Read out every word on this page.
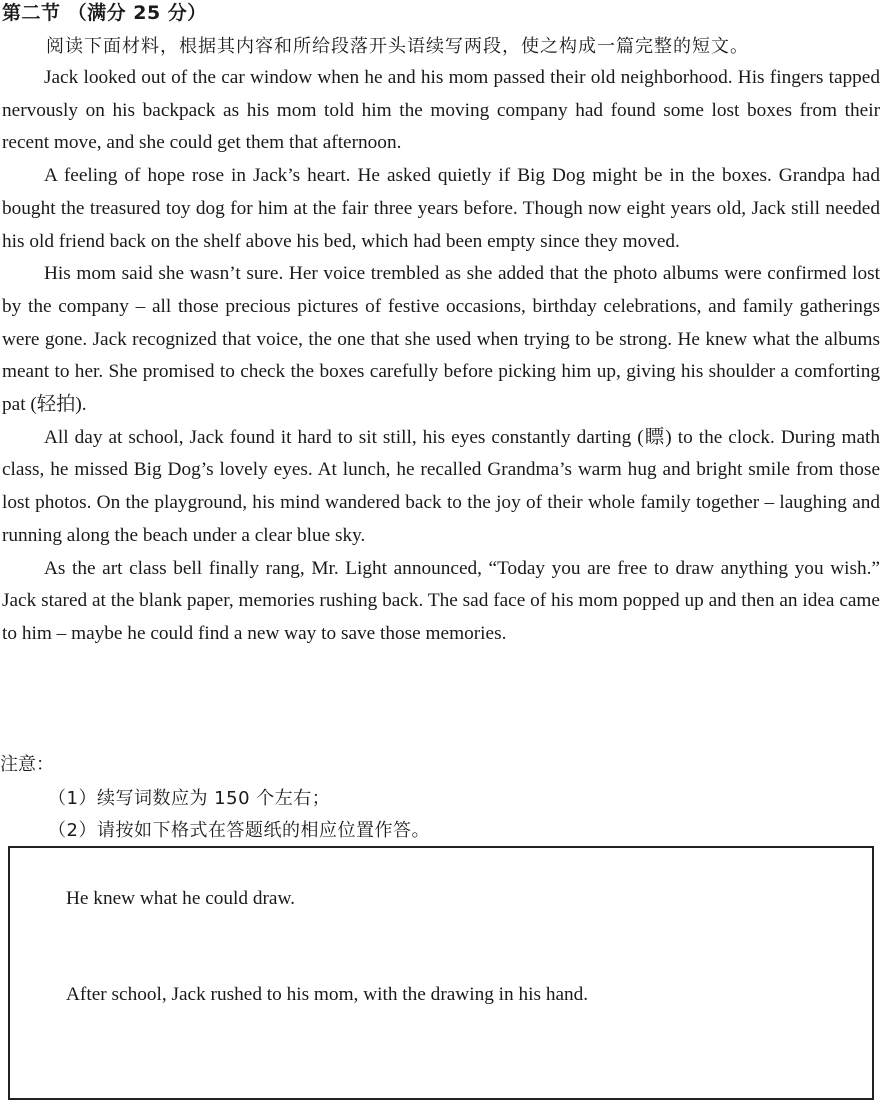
第二节 （满分 25 分）
阅读下面材料，根据其内容和所给段落开头语续写两段，使之构成一篇完整的短文。

Jack looked out of the car window when he and his mom passed their old neighborhood. His fingers tapped nervously on his backpack as his mom told him the moving company had found some lost boxes from their recent move, and she could get them that afternoon.

A feeling of hope rose in Jack’s heart. He asked quietly if Big Dog might be in the boxes. Grandpa had bought the treasured toy dog for him at the fair three years before. Though now eight years old, Jack still needed his old friend back on the shelf above his bed, which had been empty since they moved.

His mom said she wasn’t sure. Her voice trembled as she added that the photo albums were confirmed lost by the company – all those precious pictures of festive occasions, birthday celebrations, and family gatherings were gone. Jack recognized that voice, the one that she used when trying to be strong. He knew what the albums meant to her. She promised to check the boxes carefully before picking him up, giving his shoulder a comforting pat (轻拍).

All day at school, Jack found it hard to sit still, his eyes constantly darting (瞟) to the clock. During math class, he missed Big Dog’s lovely eyes. At lunch, he recalled Grandma’s warm hug and bright smile from those lost photos. On the playground, his mind wandered back to the joy of their whole family together – laughing and running along the beach under a clear blue sky.

As the art class bell finally rang, Mr. Light announced, “Today you are free to draw anything you wish.” Jack stared at the blank paper, memories rushing back. The sad face of his mom popped up and then an idea came to him – maybe he could find a new way to save those memories.

注意：
（1）续写词数应为 150 个左右；
（2）请按如下格式在答题纸的相应位置作答。
He knew what he could draw.
After school, Jack rushed to his mom, with the drawing in his hand.
